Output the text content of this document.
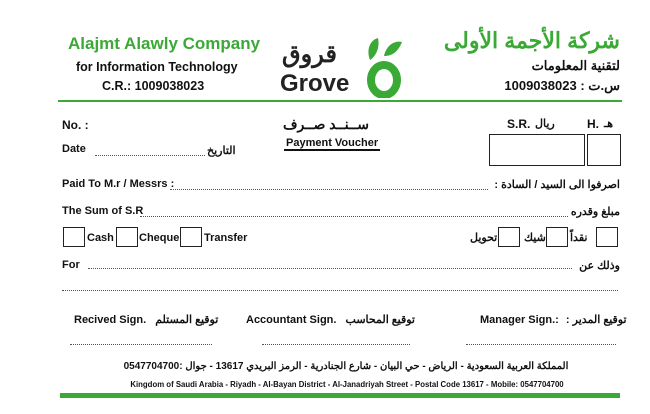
Alajmt Alawly Company
for Information Technology
C.R.: 1009038023
قروق
Grove
شركة الأجمة الأولى
لتقنية المعلومات
1009038023 س.ت :
No. :	ســنــد صــرف
Payment Voucher
S.R. ريال	H. هـ
Date	التاريخ
Paid To M.r / Messrs :	اصرفوا الى السيد / السادة :
The Sum of S.R	مبلغ وقدره
Cash Cheque Transfer	تحويل شيك نقداً
For	وذلك عن
Recived Sign. توقيع المستلم	Accountant Sign. توقيع المحاسب	Manager Sign.: توقيع المدير :
المملكة العربية السعودية - الرياض - حي البيان - شارع الجنادرية - الرمز البريدي 13617 - جوال :0547704700
Kingdom of Saudi Arabia - Riyadh - Al-Bayan District - Al-Janadriyah Street - Postal Code 13617 - Mobile: 0547704700
